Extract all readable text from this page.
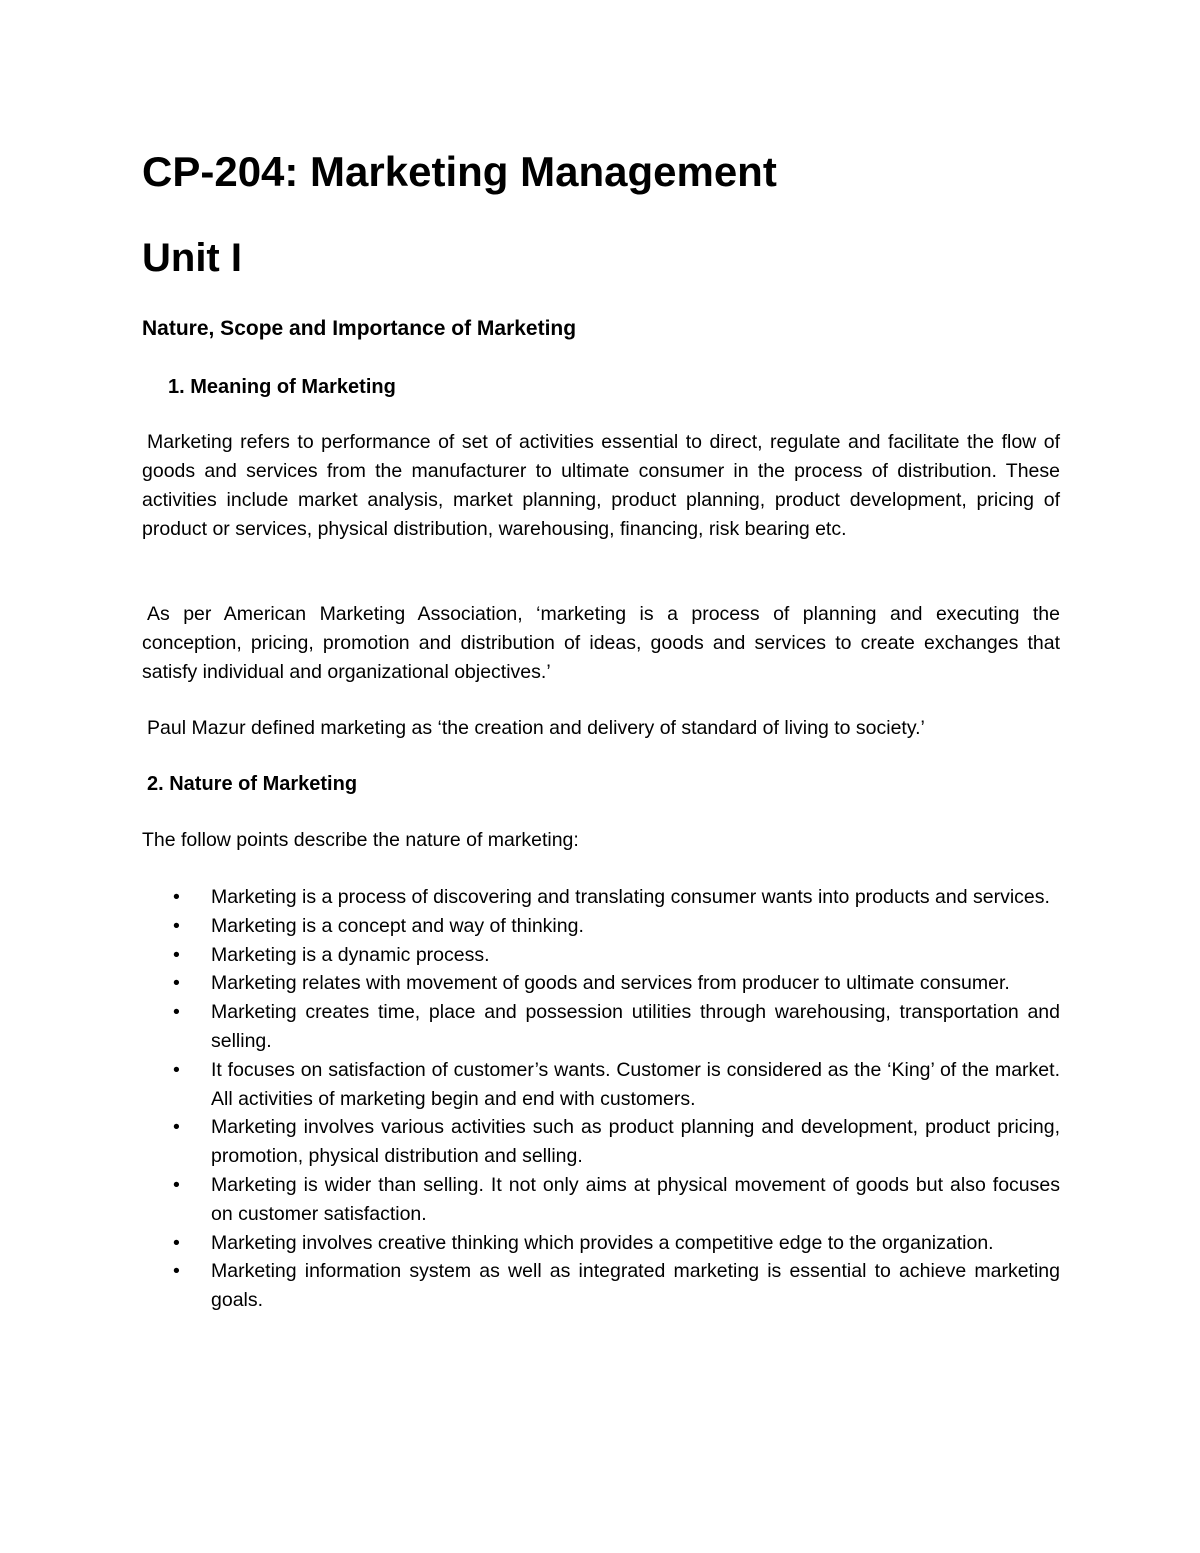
CP-204: Marketing Management
Unit I
Nature, Scope and Importance of Marketing
1. Meaning of Marketing

Marketing refers to performance of set of activities essential to direct, regulate and facilitate the flow of goods and services from the manufacturer to ultimate consumer in the process of distribution. These activities include market analysis, market planning, product planning, product development, pricing of product or services, physical distribution, warehousing, financing, risk bearing etc.

As per American Marketing Association, ‘marketing is a process of planning and executing the conception, pricing, promotion and distribution of ideas, goods and services to create exchanges that satisfy individual and organizational objectives.’

Paul Mazur defined marketing as ‘the creation and delivery of standard of living to society.’

2. Nature of Marketing

The follow points describe the nature of marketing:

•	Marketing is a process of discovering and translating consumer wants into products and services.
•	Marketing is a concept and way of thinking.
•	Marketing is a dynamic process.
•	Marketing relates with movement of goods and services from producer to ultimate consumer.
•	Marketing creates time, place and possession utilities through warehousing, transportation and selling.
•	It focuses on satisfaction of customer’s wants. Customer is considered as the ‘King’ of the market. All activities of marketing begin and end with customers.
•	Marketing involves various activities such as product planning and development, product pricing, promotion, physical distribution and selling.
•	Marketing is wider than selling. It not only aims at physical movement of goods but also focuses on customer satisfaction.
•	Marketing involves creative thinking which provides a competitive edge to the organization.
•	Marketing information system as well as integrated marketing is essential to achieve marketing goals.
